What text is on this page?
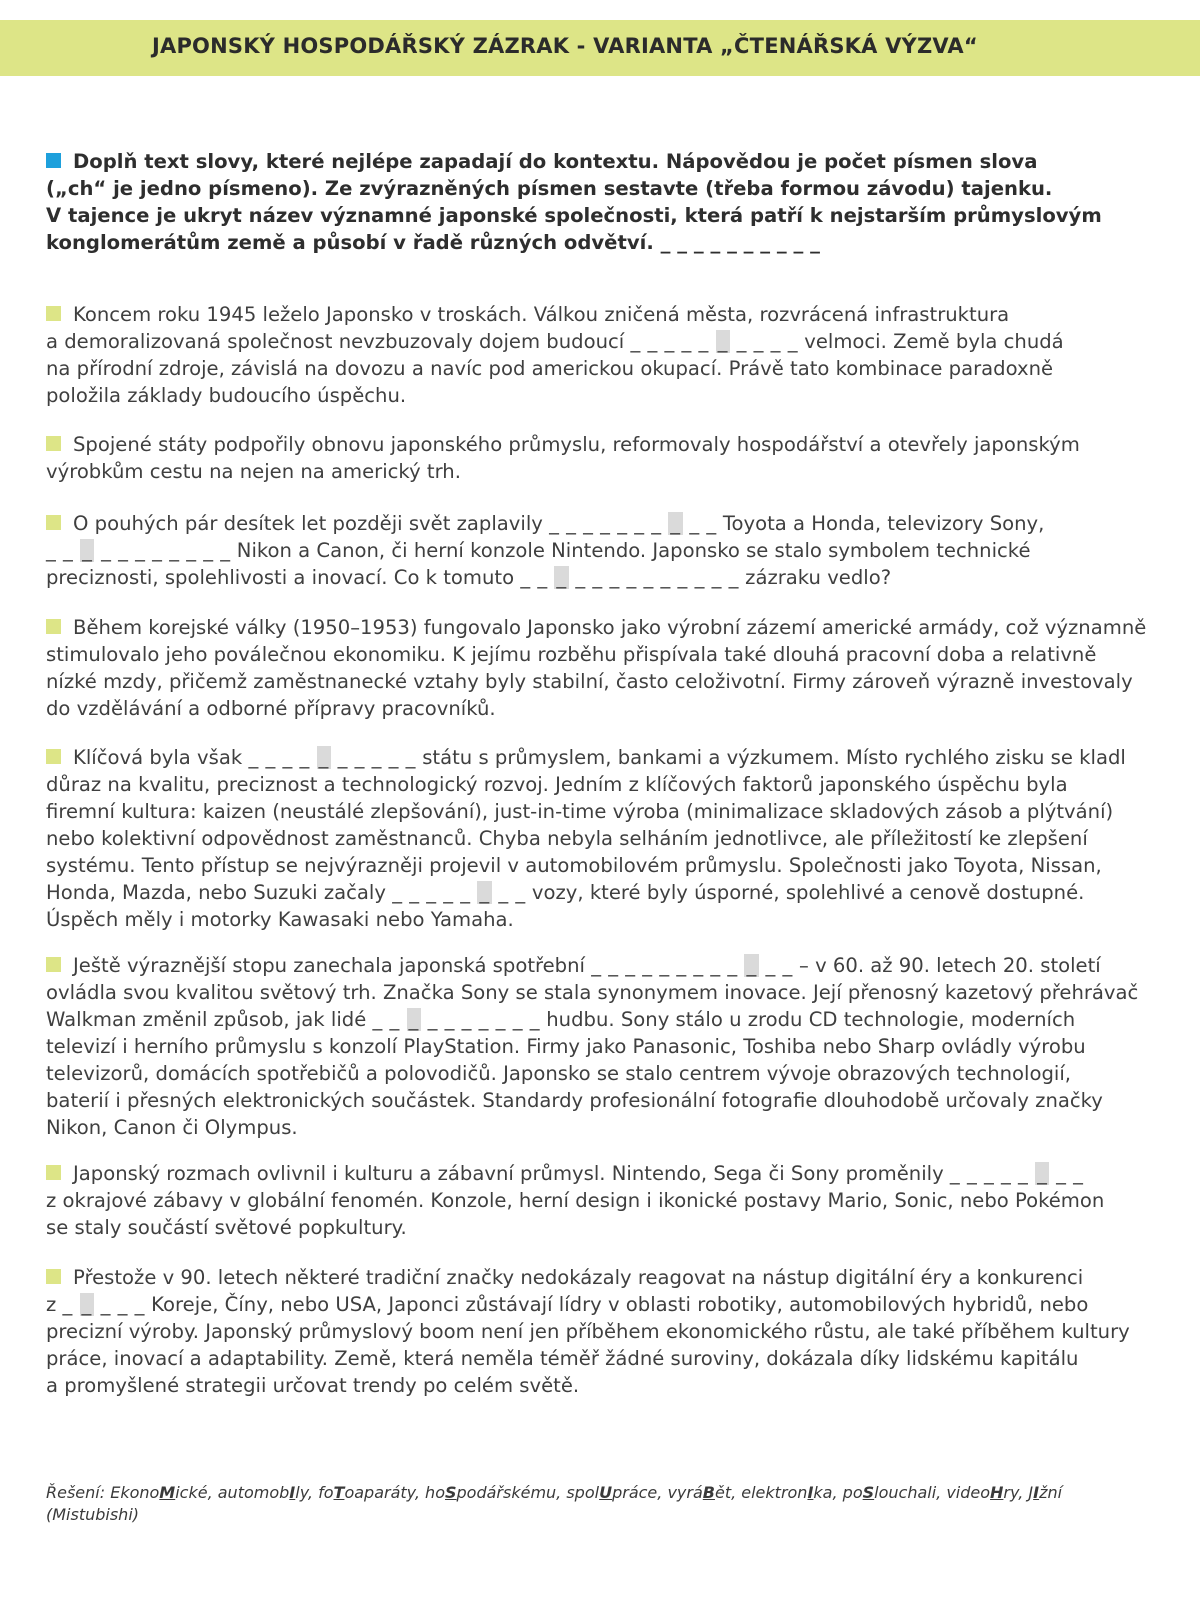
JAPONSKÝ HOSPODÁŘSKÝ ZÁZRAK - VARIANTA „ČTENÁŘSKÁ VÝZVA“
Doplň text slovy, které nejlépe zapadají do kontextu. Nápovědou je počet písmen slova
(„ch“ je jedno písmeno). Ze zvýrazněných písmen sestavte (třeba formou závodu) tajenku.
V tajence je ukryt název významné japonské společnosti, která patří k nejstarším průmyslovým
konglomerátům země a působí v řadě různých odvětví. _ _ _ _ _ _ _ _ _ _
Koncem roku 1945 leželo Japonsko v troskách. Válkou zničená města, rozvrácená infrastruktura
a demoralizovaná společnost nevzbuzovaly dojem budoucí _ _ _ _ _ _ _ _ _ _ velmoci. Země byla chudá
na přírodní zdroje, závislá na dovozu a navíc pod americkou okupací. Právě tato kombinace paradoxně
položila základy budoucího úspěchu.
Spojené státy podpořily obnovu japonského průmyslu, reformovaly hospodářství a otevřely japonským
výrobkům cestu na nejen na americký trh.
O pouhých pár desítek let později svět zaplavily _ _ _ _ _ _ _ _ _ _ Toyota a Honda, televizory Sony,
_ _ _ _ _ _ _ _ _ _ _ Nikon a Canon, či herní konzole Nintendo. Japonsko se stalo symbolem technické
preciznosti, spolehlivosti a inovací. Co k tomuto _ _ _ _ _ _ _ _ _ _ _ _ _ zázraku vedlo?
Během korejské války (1950–1953) fungovalo Japonsko jako výrobní zázemí americké armády, což významně
stimulovalo jeho poválečnou ekonomiku. K jejímu rozběhu přispívala také dlouhá pracovní doba a relativně
nízké mzdy, přičemž zaměstnanecké vztahy byly stabilní, často celoživotní. Firmy zároveň výrazně investovaly
do vzdělávání a odborné přípravy pracovníků.
Klíčová byla však _ _ _ _ _ _ _ _ _ _ státu s průmyslem, bankami a výzkumem. Místo rychlého zisku se kladl
důraz na kvalitu, preciznost a technologický rozvoj. Jedním z klíčových faktorů japonského úspěchu byla
firemní kultura: kaizen (neustálé zlepšování), just-in-time výroba (minimalizace skladových zásob a plýtvání)
nebo kolektivní odpovědnost zaměstnanců. Chyba nebyla selháním jednotlivce, ale příležitostí ke zlepšení
systému. Tento přístup se nejvýrazněji projevil v automobilovém průmyslu. Společnosti jako Toyota, Nissan,
Honda, Mazda, nebo Suzuki začaly _ _ _ _ _ _ _ _ vozy, které byly úsporné, spolehlivé a cenově dostupné.
Úspěch měly i motorky Kawasaki nebo Yamaha.
Ještě výraznější stopu zanechala japonská spotřební _ _ _ _ _ _ _ _ _ _ _ _ – v 60. až 90. letech 20. století
ovládla svou kvalitou světový trh. Značka Sony se stala synonymem inovace. Její přenosný kazetový přehrávač
Walkman změnil způsob, jak lidé _ _ _ _ _ _ _ _ _ _ hudbu. Sony stálo u zrodu CD technologie, moderních
televizí i herního průmyslu s konzolí PlayStation. Firmy jako Panasonic, Toshiba nebo Sharp ovládly výrobu
televizorů, domácích spotřebičů a polovodičů. Japonsko se stalo centrem vývoje obrazových technologií,
baterií i přesných elektronických součástek. Standardy profesionální fotografie dlouhodobě určovaly značky
Nikon, Canon či Olympus.
Japonský rozmach ovlivnil i kulturu a zábavní průmysl. Nintendo, Sega či Sony proměnily _ _ _ _ _ _ _ _
z okrajové zábavy v globální fenomén. Konzole, herní design i ikonické postavy Mario, Sonic, nebo Pokémon
se staly součástí světové popkultury.
Přestože v 90. letech některé tradiční značky nedokázaly reagovat na nástup digitální éry a konkurenci
z _ _ _ _ _ Koreje, Číny, nebo USA, Japonci zůstávají lídry v oblasti robotiky, automobilových hybridů, nebo
precizní výroby. Japonský průmyslový boom není jen příběhem ekonomického růstu, ale také příběhem kultury
práce, inovací a adaptability. Země, která neměla téměř žádné suroviny, dokázala díky lidskému kapitálu
a promyšlené strategii určovat trendy po celém světě.
Řešení: EkonoMické, automobIly, foToaparáty, hoSpodářskému, spolUpráce, vyráBět, elektronIka, poSlouchali, videoHry, JIžní
(Mistubishi)
